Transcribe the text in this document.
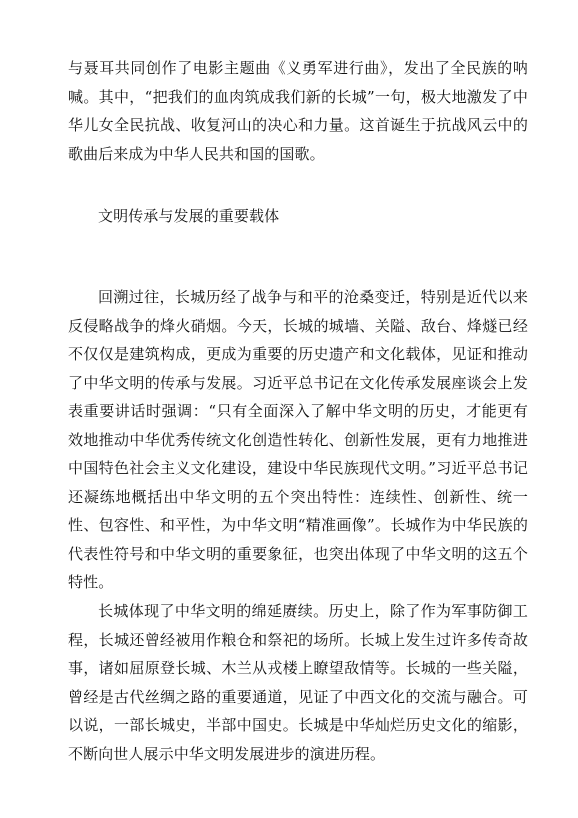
与聂耳共同创作了电影主题曲《义勇军进行曲》，发出了全民族的呐喊。其中，“把我们的血肉筑成我们新的长城”一句，极大地激发了中华儿女全民抗战、收复河山的决心和力量。这首诞生于抗战风云中的歌曲后来成为中华人民共和国的国歌。

文明传承与发展的重要载体

回溯过往，长城历经了战争与和平的沧桑变迁，特别是近代以来反侵略战争的烽火硝烟。今天，长城的城墙、关隘、敌台、烽燧已经不仅仅是建筑构成，更成为重要的历史遗产和文化载体，见证和推动了中华文明的传承与发展。习近平总书记在文化传承发展座谈会上发表重要讲话时强调：“只有全面深入了解中华文明的历史，才能更有效地推动中华优秀传统文化创造性转化、创新性发展，更有力地推进中国特色社会主义文化建设，建设中华民族现代文明。”习近平总书记还凝练地概括出中华文明的五个突出特性：连续性、创新性、统一性、包容性、和平性，为中华文明“精准画像”。长城作为中华民族的代表性符号和中华文明的重要象征，也突出体现了中华文明的这五个特性。

长城体现了中华文明的绵延赓续。历史上，除了作为军事防御工程，长城还曾经被用作粮仓和祭祀的场所。长城上发生过许多传奇故事，诸如屈原登长城、木兰从戎楼上瞭望敌情等。长城的一些关隘，曾经是古代丝绸之路的重要通道，见证了中西文化的交流与融合。可以说，一部长城史，半部中国史。长城是中华灿烂历史文化的缩影，不断向世人展示中华文明发展进步的演进历程。
